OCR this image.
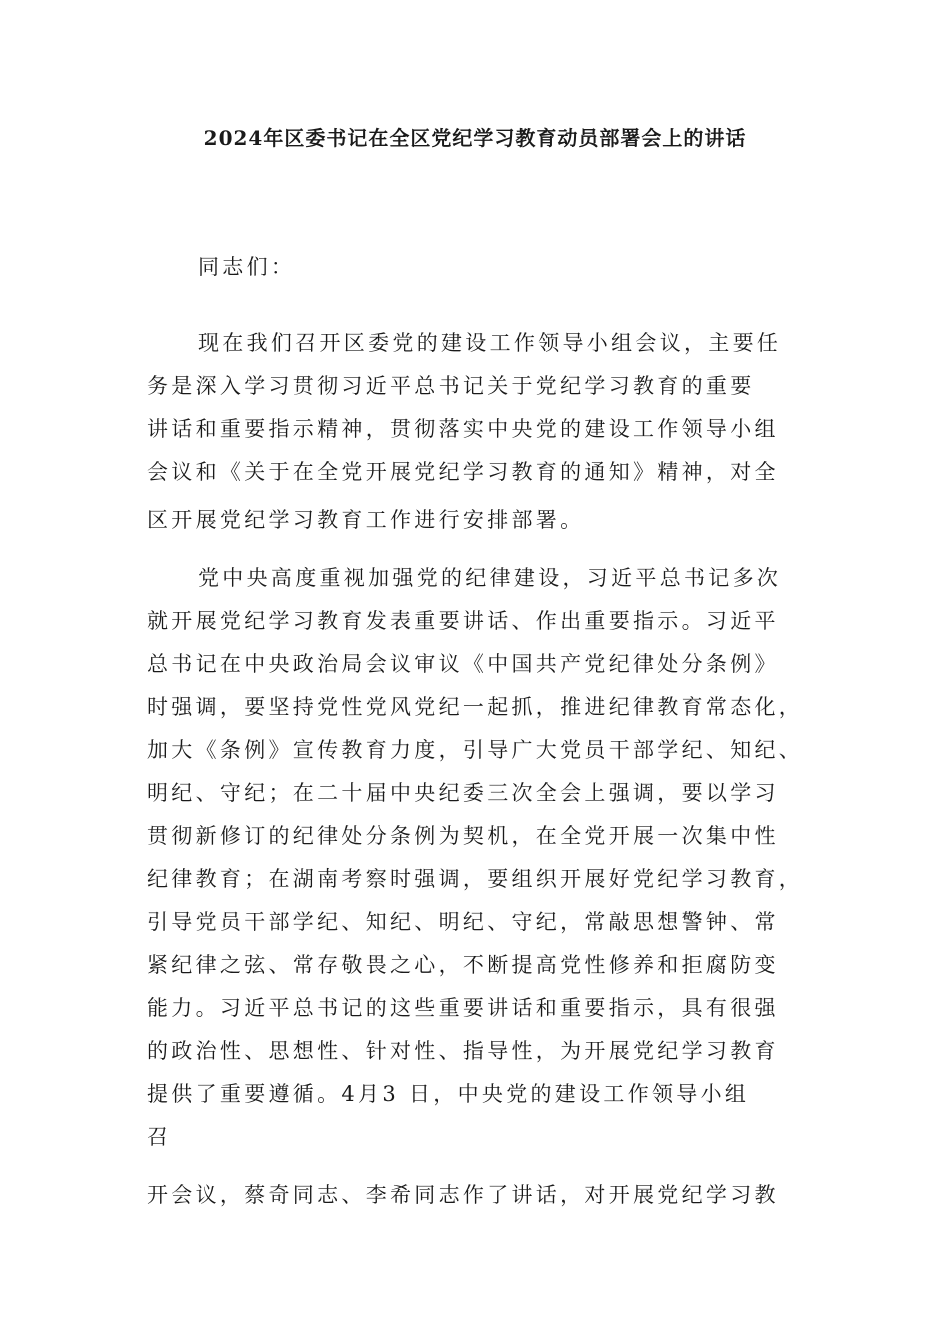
2024年区委书记在全区党纪学习教育动员部署会上的讲话

同志们：

现在我们召开区委党的建设工作领导小组会议，主要任

务是深入学习贯彻习近平总书记关于党纪学习教育的重要

讲话和重要指示精神，贯彻落实中央党的建设工作领导小组

会议和《关于在全党开展党纪学习教育的通知》精神，对全

区开展党纪学习教育工作进行安排部署。

党中央高度重视加强党的纪律建设，习近平总书记多次

就开展党纪学习教育发表重要讲话、作出重要指示。习近平

总书记在中央政治局会议审议《中国共产党纪律处分条例》

时强调，要坚持党性党风党纪一起抓，推进纪律教育常态化，

加大《条例》宣传教育力度，引导广大党员干部学纪、知纪、

明纪、守纪；在二十届中央纪委三次全会上强调，要以学习

贯彻新修订的纪律处分条例为契机，在全党开展一次集中性

纪律教育；在湖南考察时强调，要组织开展好党纪学习教育，

引导党员干部学纪、知纪、明纪、守纪，常敲思想警钟、常

紧纪律之弦、常存敬畏之心，不断提高党性修养和拒腐防变

能力。习近平总书记的这些重要讲话和重要指示，具有很强

的政治性、思想性、针对性、指导性，为开展党纪学习教育

提供了重要遵循。4月3 日，中央党的建设工作领导小组

召

开会议，蔡奇同志、李希同志作了讲话，对开展党纪学习教
